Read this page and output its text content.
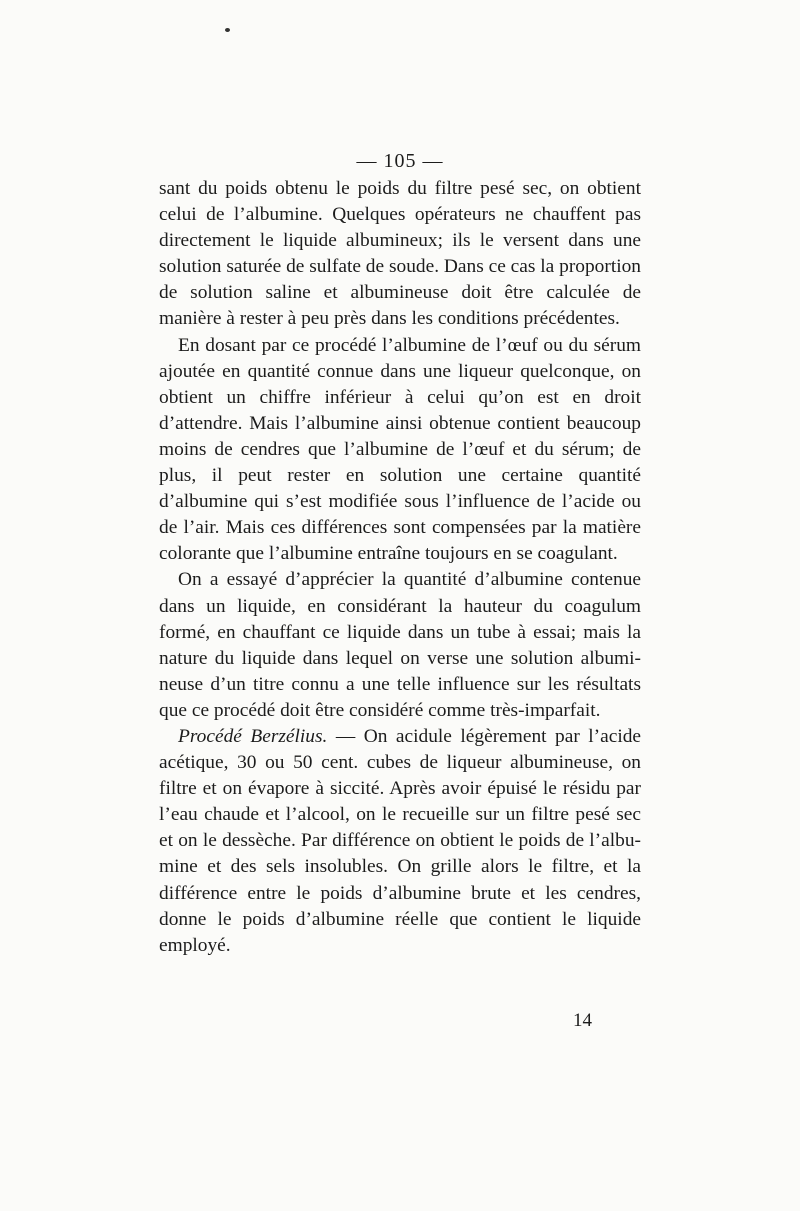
— 105 —

sant du poids obtenu le poids du filtre pesé sec, on obtient celui de l’albumine. Quelques opérateurs ne chauffent pas directement le liquide albumineux; ils le versent dans une solution saturée de sulfate de soude. Dans ce cas la proportion de solution saline et albumineuse doit être calculée de manière à rester à peu près dans les conditions précédentes.

En dosant par ce procédé l’albumine de l’œuf ou du sérum ajoutée en quantité connue dans une liqueur quelconque, on obtient un chiffre inférieur à celui qu’on est en droit d’attendre. Mais l’albumine ainsi obtenue contient beaucoup moins de cendres que l’albumine de l’œuf et du sérum; de plus, il peut rester en solution une certaine quantité d’albumine qui s’est modifiée sous l’influence de l’acide ou de l’air. Mais ces différences sont compensées par la matière colorante que l’albumine entraîne toujours en se coagulant.

On a essayé d’apprécier la quantité d’albumine contenue dans un liquide, en considérant la hauteur du coagulum formé, en chauffant ce liquide dans un tube à essai; mais la nature du liquide dans lequel on verse une solution albumineuse d’un titre connu a une telle influence sur les résultats que ce procédé doit être considéré comme très-imparfait.

Procédé Berzélius. — On acidule légèrement par l’acide acétique, 30 ou 50 cent. cubes de liqueur albumineuse, on filtre et on évapore à siccité. Après avoir épuisé le résidu par l’eau chaude et l’alcool, on le recueille sur un filtre pesé sec et on le dessèche. Par différence on obtient le poids de l’albumine et des sels insolubles. On grille alors le filtre, et la différence entre le poids d’albumine brute et les cendres, donne le poids d’albumine réelle que contient le liquide employé.

14
